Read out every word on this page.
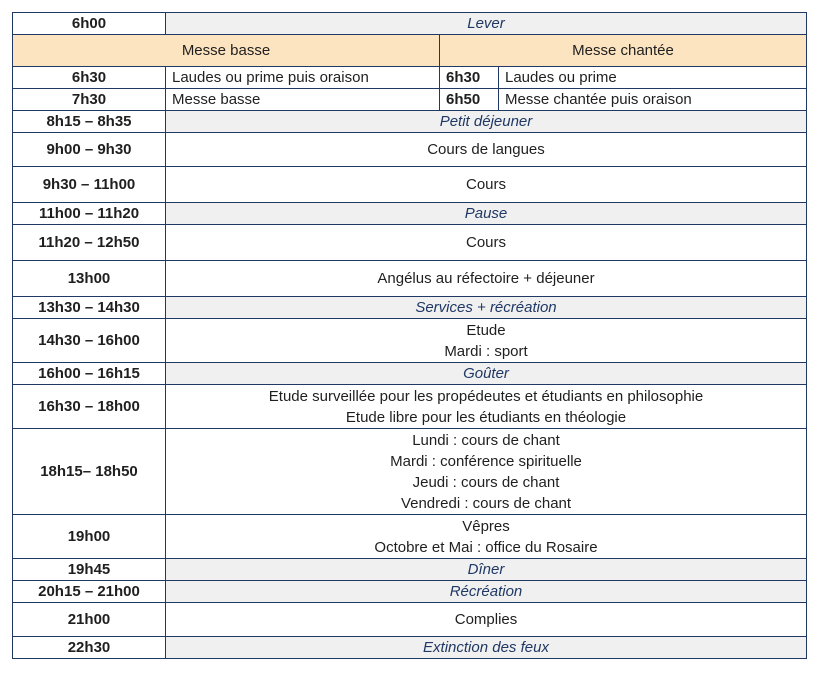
6h00	Lever		
Messe basse		Messe chantée	
6h30	Laudes ou prime puis oraison	6h30	Laudes ou prime
7h30	Messe basse	6h50	Messe chantée puis oraison
8h15 – 8h35	Petit déjeuner		

9h00 – 9h30	Cours de langues		

9h30 – 11h00	Cours		

11h00 – 11h20	Pause		

11h20 – 12h50	Cours		

13h00	Angélus au réfectoire + déjeuner		

13h30 – 14h30	Services + récréation		

14h30 – 16h00	Etude
Mardi : sport		

16h00 – 16h15	Goûter		

16h30 – 18h00	Etude surveillée pour les propédeutes et étudiants en philosophie
Etude libre pour les étudiants en théologie		

18h15– 18h50	Lundi : cours de chant
Mardi : conférence spirituelle
Jeudi : cours de chant
Vendredi : cours de chant		

19h00	Vêpres
Octobre et Mai : office du Rosaire		

19h45	Dîner		

20h15 – 21h00	Récréation		

21h00	Complies		

22h30	Extinction des feux		
